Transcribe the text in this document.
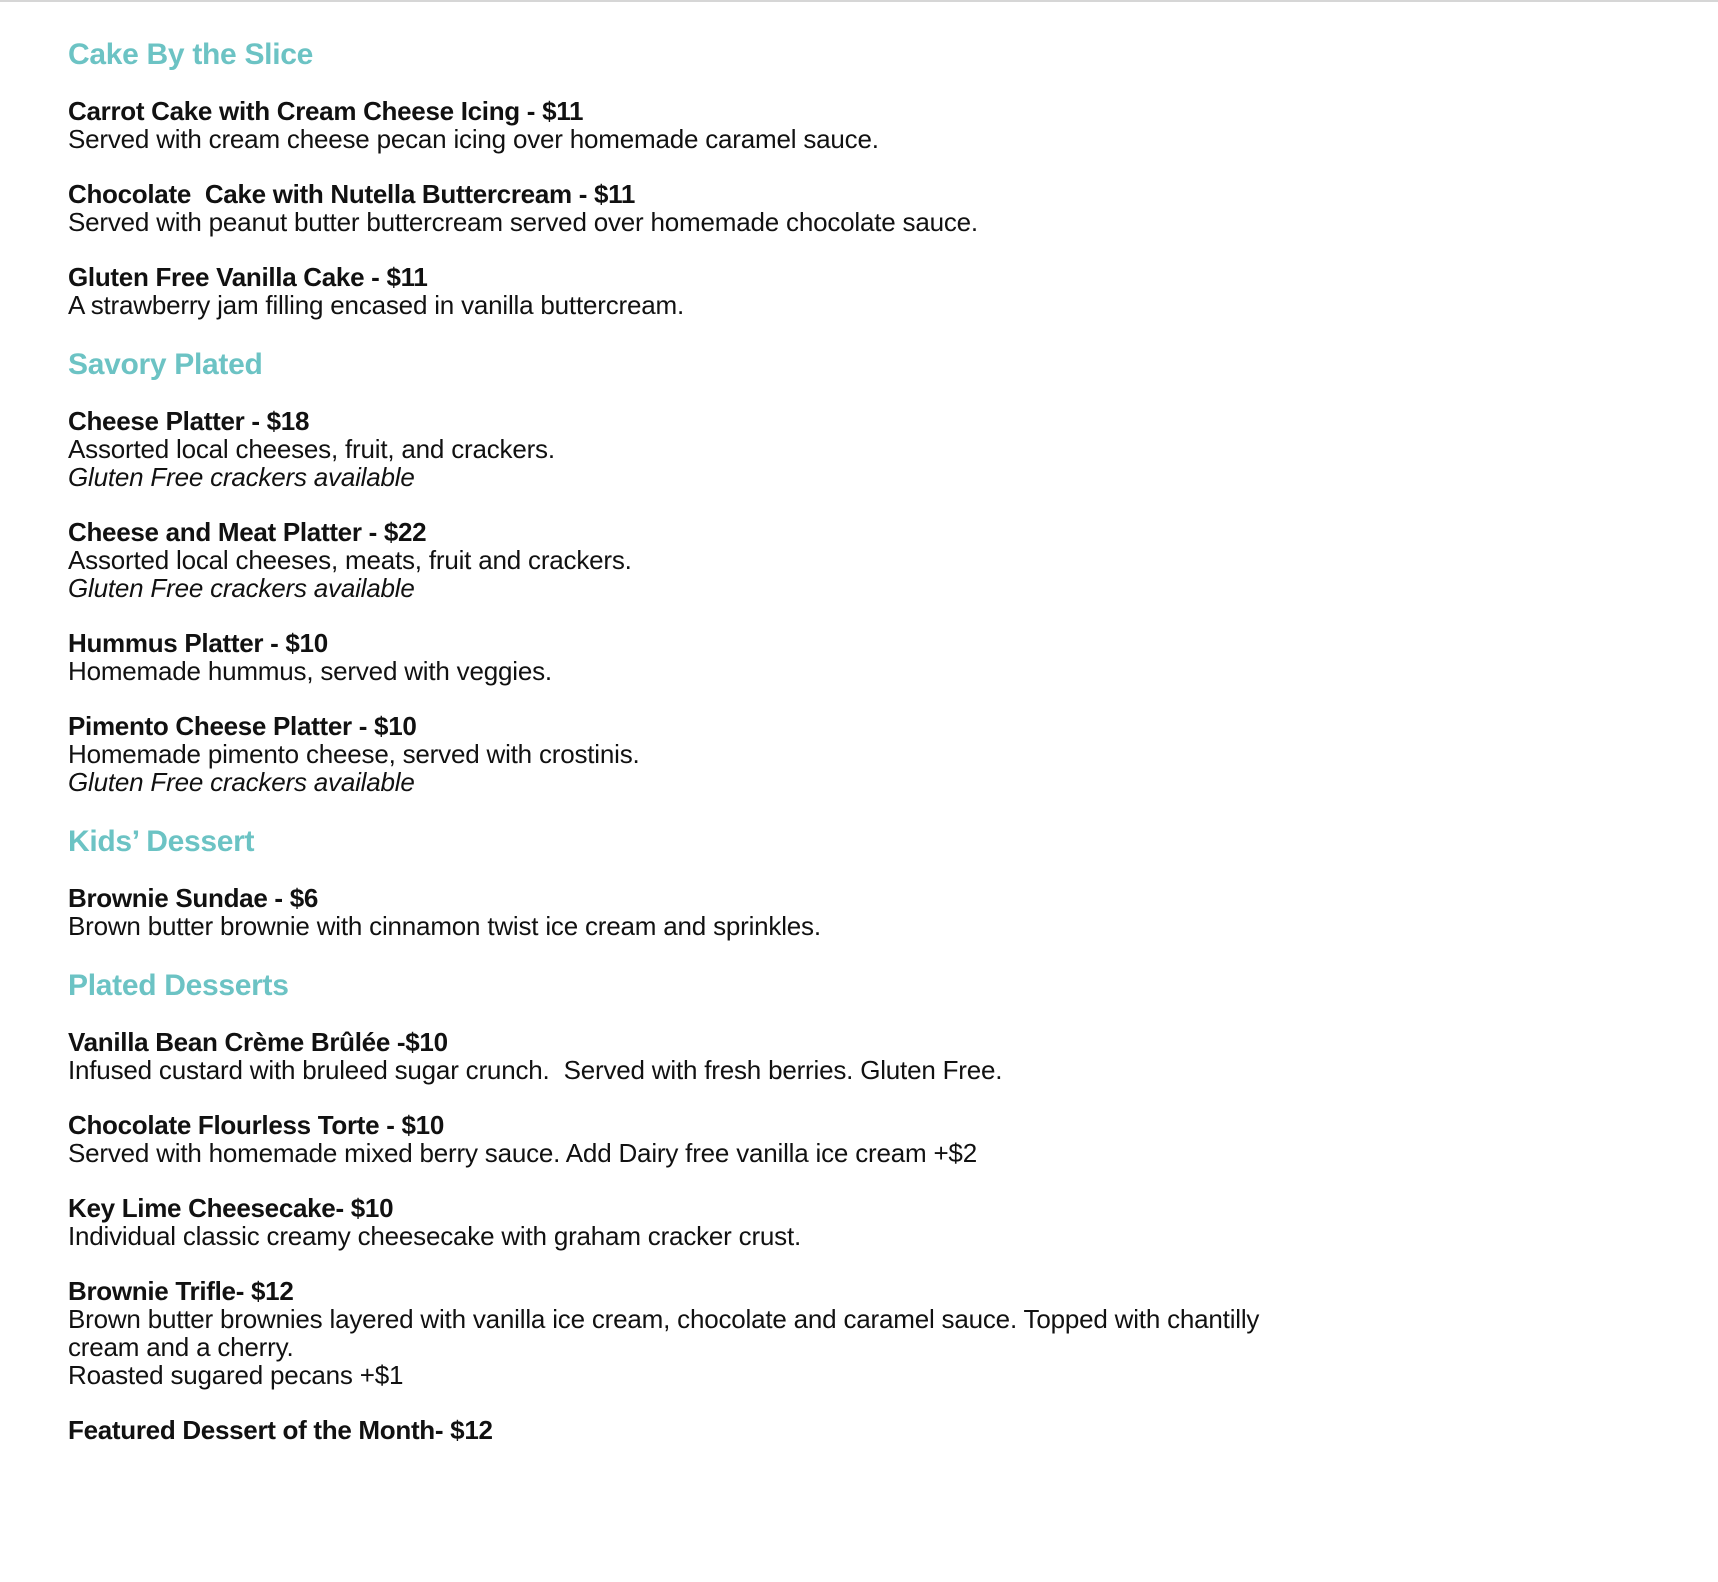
Cake By the Slice
Carrot Cake with Cream Cheese Icing - $11
Served with cream cheese pecan icing over homemade caramel sauce.
Chocolate  Cake with Nutella Buttercream - $11
Served with peanut butter buttercream served over homemade chocolate sauce.
Gluten Free Vanilla Cake - $11
A strawberry jam filling encased in vanilla buttercream.
Savory Plated
Cheese Platter - $18
Assorted local cheeses, fruit, and crackers.
Gluten Free crackers available
Cheese and Meat Platter - $22
Assorted local cheeses, meats, fruit and crackers.
Gluten Free crackers available
Hummus Platter - $10
Homemade hummus, served with veggies.
Pimento Cheese Platter - $10
Homemade pimento cheese, served with crostinis.
Gluten Free crackers available
Kids’ Dessert
Brownie Sundae - $6
Brown butter brownie with cinnamon twist ice cream and sprinkles.
Plated Desserts
Vanilla Bean Crème Brûlée -$10
Infused custard with bruleed sugar crunch.  Served with fresh berries. Gluten Free.
Chocolate Flourless Torte - $10
Served with homemade mixed berry sauce. Add Dairy free vanilla ice cream +$2
Key Lime Cheesecake- $10
Individual classic creamy cheesecake with graham cracker crust.
Brownie Trifle- $12
Brown butter brownies layered with vanilla ice cream, chocolate and caramel sauce. Topped with chantilly
cream and a cherry.
Roasted sugared pecans +$1
Featured Dessert of the Month- $12
